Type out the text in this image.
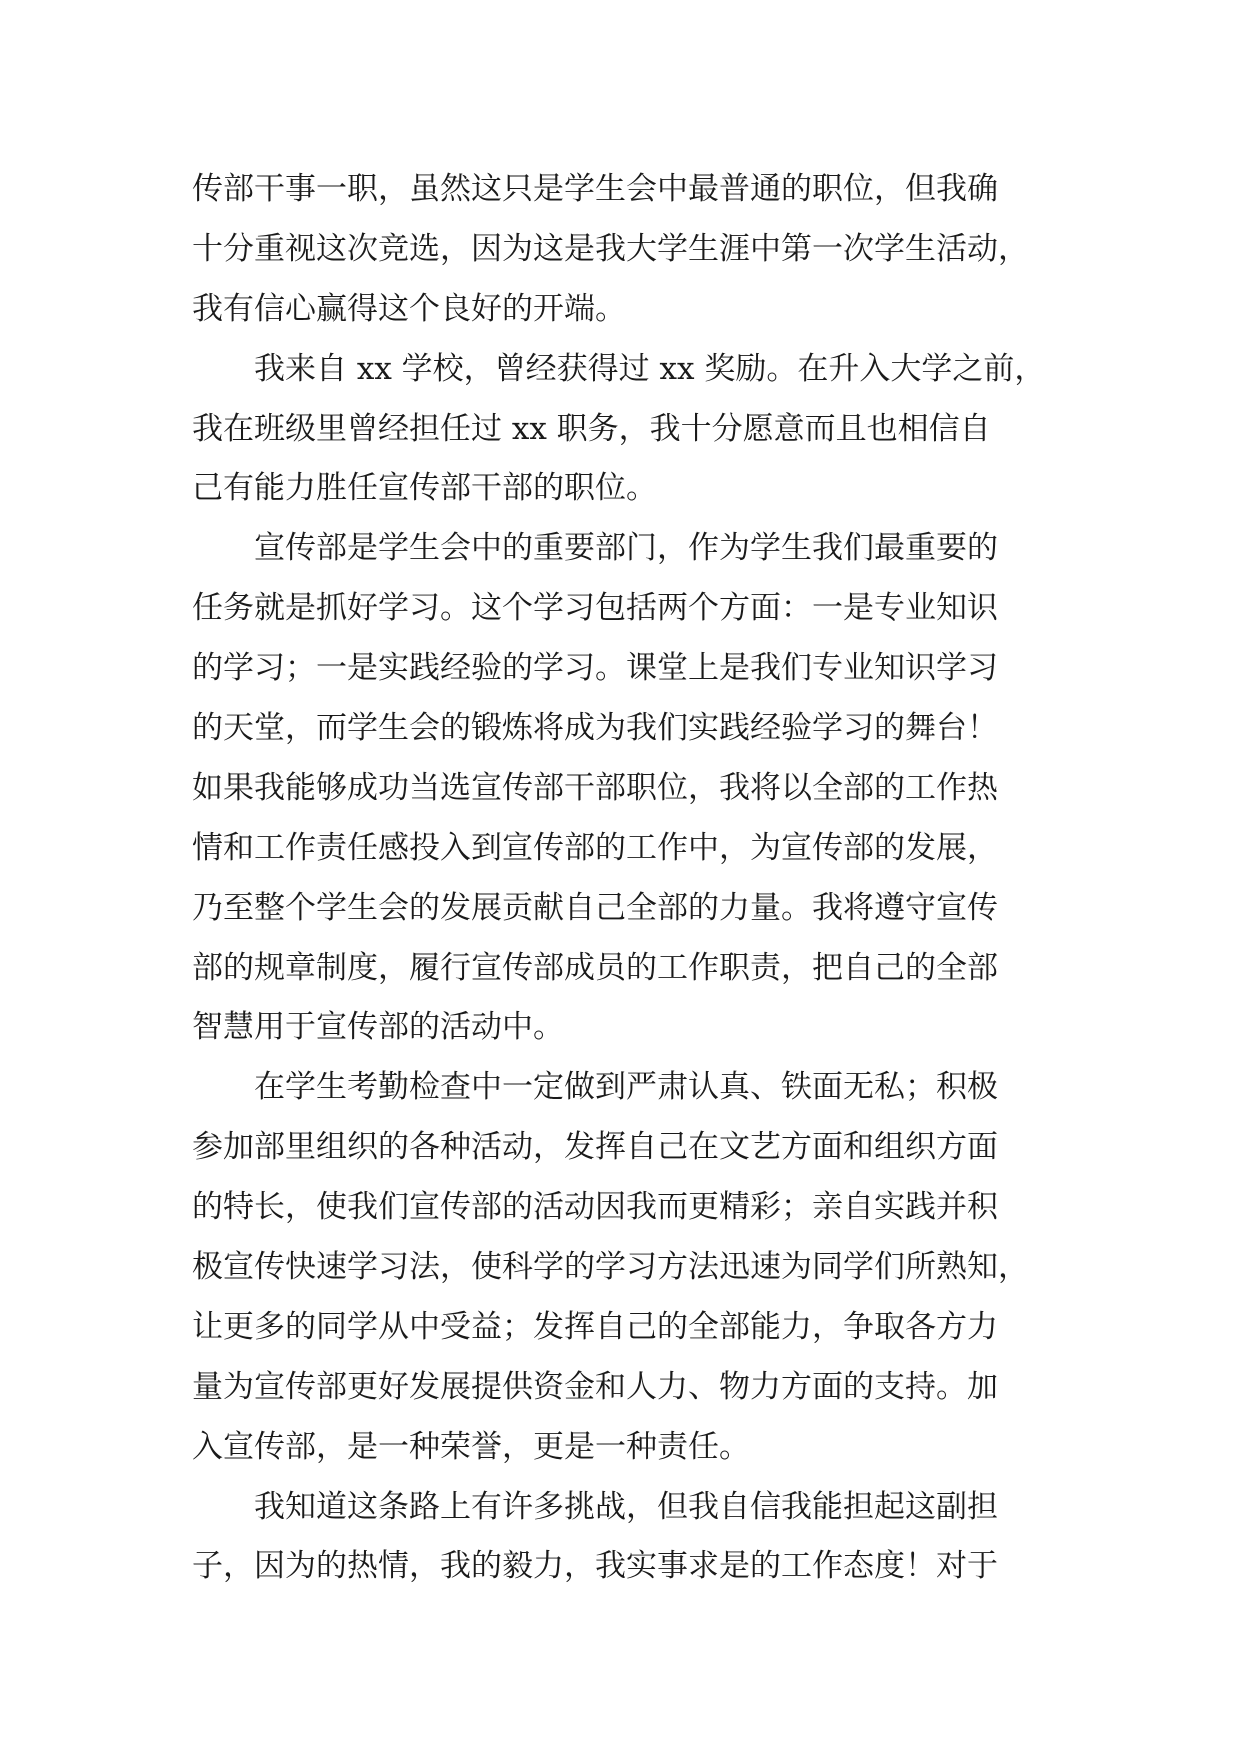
传部干事一职，虽然这只是学生会中最普通的职位，但我确
十分重视这次竞选，因为这是我大学生涯中第一次学生活动，
我有信心赢得这个良好的开端。
　　我来自 xx 学校，曾经获得过 xx 奖励。在升入大学之前，
我在班级里曾经担任过 xx 职务，我十分愿意而且也相信自
己有能力胜任宣传部干部的职位。
　　宣传部是学生会中的重要部门，作为学生我们最重要的
任务就是抓好学习。这个学习包括两个方面：一是专业知识
的学习；一是实践经验的学习。课堂上是我们专业知识学习
的天堂，而学生会的锻炼将成为我们实践经验学习的舞台！
如果我能够成功当选宣传部干部职位，我将以全部的工作热
情和工作责任感投入到宣传部的工作中，为宣传部的发展，
乃至整个学生会的发展贡献自己全部的力量。我将遵守宣传
部的规章制度，履行宣传部成员的工作职责，把自己的全部
智慧用于宣传部的活动中。
　　在学生考勤检查中一定做到严肃认真、铁面无私；积极
参加部里组织的各种活动，发挥自己在文艺方面和组织方面
的特长，使我们宣传部的活动因我而更精彩；亲自实践并积
极宣传快速学习法，使科学的学习方法迅速为同学们所熟知，
让更多的同学从中受益；发挥自己的全部能力，争取各方力
量为宣传部更好发展提供资金和人力、物力方面的支持。加
入宣传部，是一种荣誉，更是一种责任。
　　我知道这条路上有许多挑战，但我自信我能担起这副担
子，因为的热情，我的毅力，我实事求是的工作态度！对于
